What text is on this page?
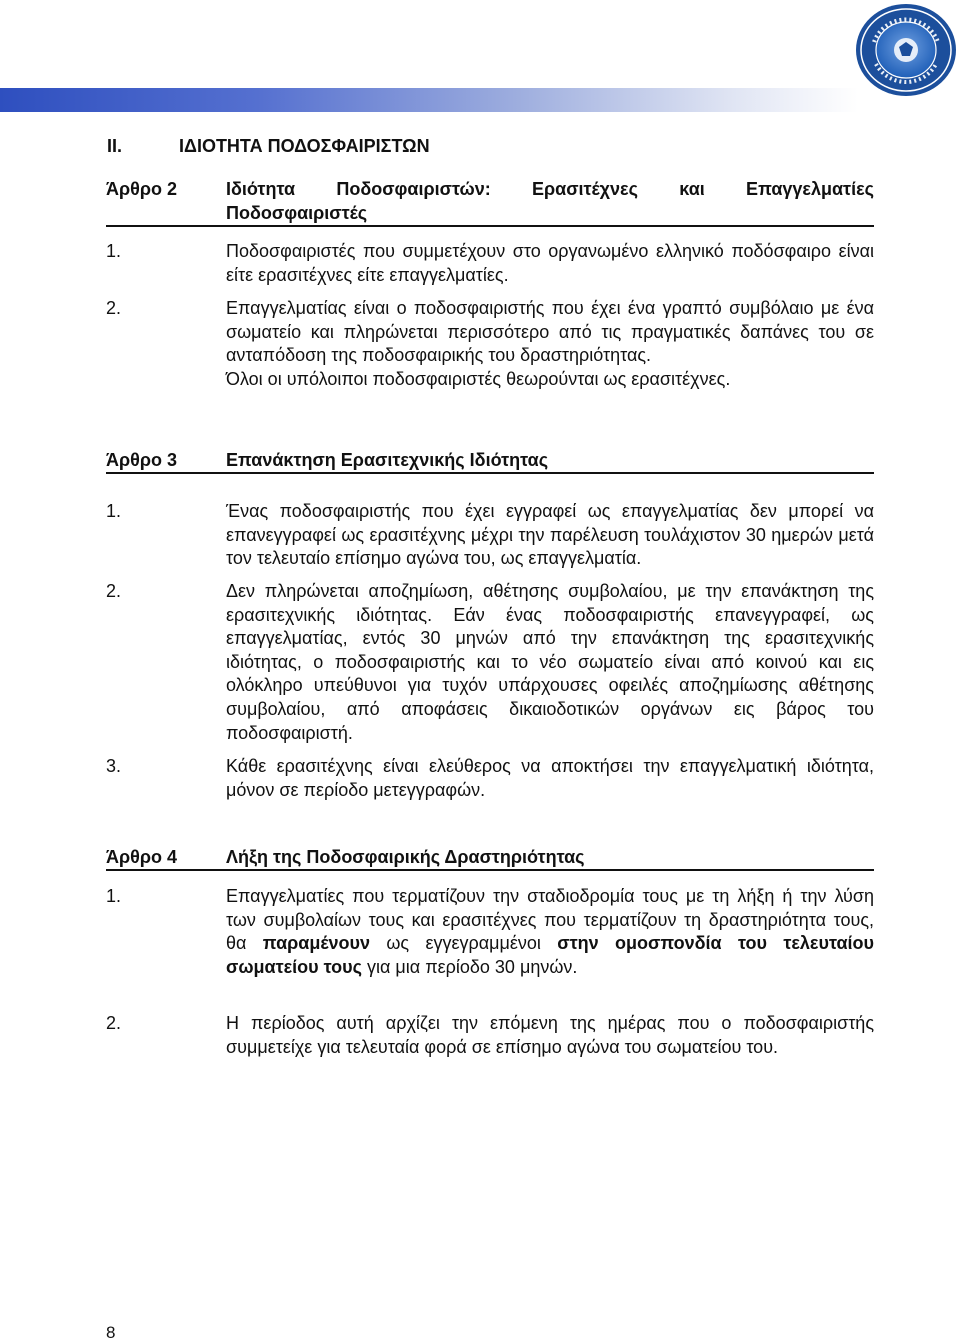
II.	ΙΔΙΟΤΗΤΑ ΠΟΔΟΣΦΑΙΡΙΣΤΩΝ
Άρθρο 2	Ιδιότητα Ποδοσφαιριστών: Ερασιτέχνες και Επαγγελματίες Ποδοσφαιριστές
1.	Ποδοσφαιριστές που συμμετέχουν στο οργανωμένο ελληνικό ποδόσφαιρο είναι είτε ερασιτέχνες είτε επαγγελματίες.
2.	Επαγγελματίας είναι ο ποδοσφαιριστής που έχει ένα γραπτό συμβόλαιο με ένα σωματείο και πληρώνεται περισσότερο από τις πραγματικές δαπάνες του σε ανταπόδοση της ποδοσφαιρικής του δραστηριότητας.

Όλοι οι υπόλοιποι ποδοσφαιριστές θεωρούνται ως ερασιτέχνες.

Άρθρο 3	Επανάκτηση Ερασιτεχνικής Ιδιότητας
1.	Ένας ποδοσφαιριστής που έχει εγγραφεί ως επαγγελματίας δεν μπορεί να επανεγγραφεί ως ερασιτέχνης μέχρι την παρέλευση τουλάχιστον 30 ημερών μετά τον τελευταίο επίσημο αγώνα του, ως επαγγελματία.
2.	Δεν πληρώνεται αποζημίωση, αθέτησης συμβολαίου, με την επανάκτηση της ερασιτεχνικής ιδιότητας. Εάν ένας ποδοσφαιριστής επανεγγραφεί, ως επαγγελματίας, εντός 30 μηνών από την επανάκτηση της ερασιτεχνικής ιδιότητας, ο ποδοσφαιριστής και το νέο σωματείο είναι από κοινού και εις ολόκληρο υπεύθυνοι για τυχόν υπάρχουσες οφειλές αποζημίωσης αθέτησης συμβολαίου, από αποφάσεις δικαιοδοτικών οργάνων εις βάρος του ποδοσφαιριστή.
3.	Κάθε ερασιτέχνης είναι ελεύθερος να αποκτήσει την επαγγελματική ιδιότητα, μόνον σε περίοδο μετεγγραφών.
Άρθρο 4	Λήξη της Ποδοσφαιρικής Δραστηριότητας
1.	Επαγγελματίες που τερματίζουν την σταδιοδρομία τους με τη λήξη ή την λύση των συμβολαίων τους και ερασιτέχνες που τερματίζουν τη δραστηριότητα τους, θα παραμένουν ως εγγεγραμμένοι στην ομοσπονδία του τελευταίου σωματείου τους για μια περίοδο 30 μηνών.
2.	Η περίοδος αυτή αρχίζει την επόμενη της ημέρας που ο ποδοσφαιριστής συμμετείχε για τελευταία φορά σε επίσημο αγώνα του σωματείου του.
8
